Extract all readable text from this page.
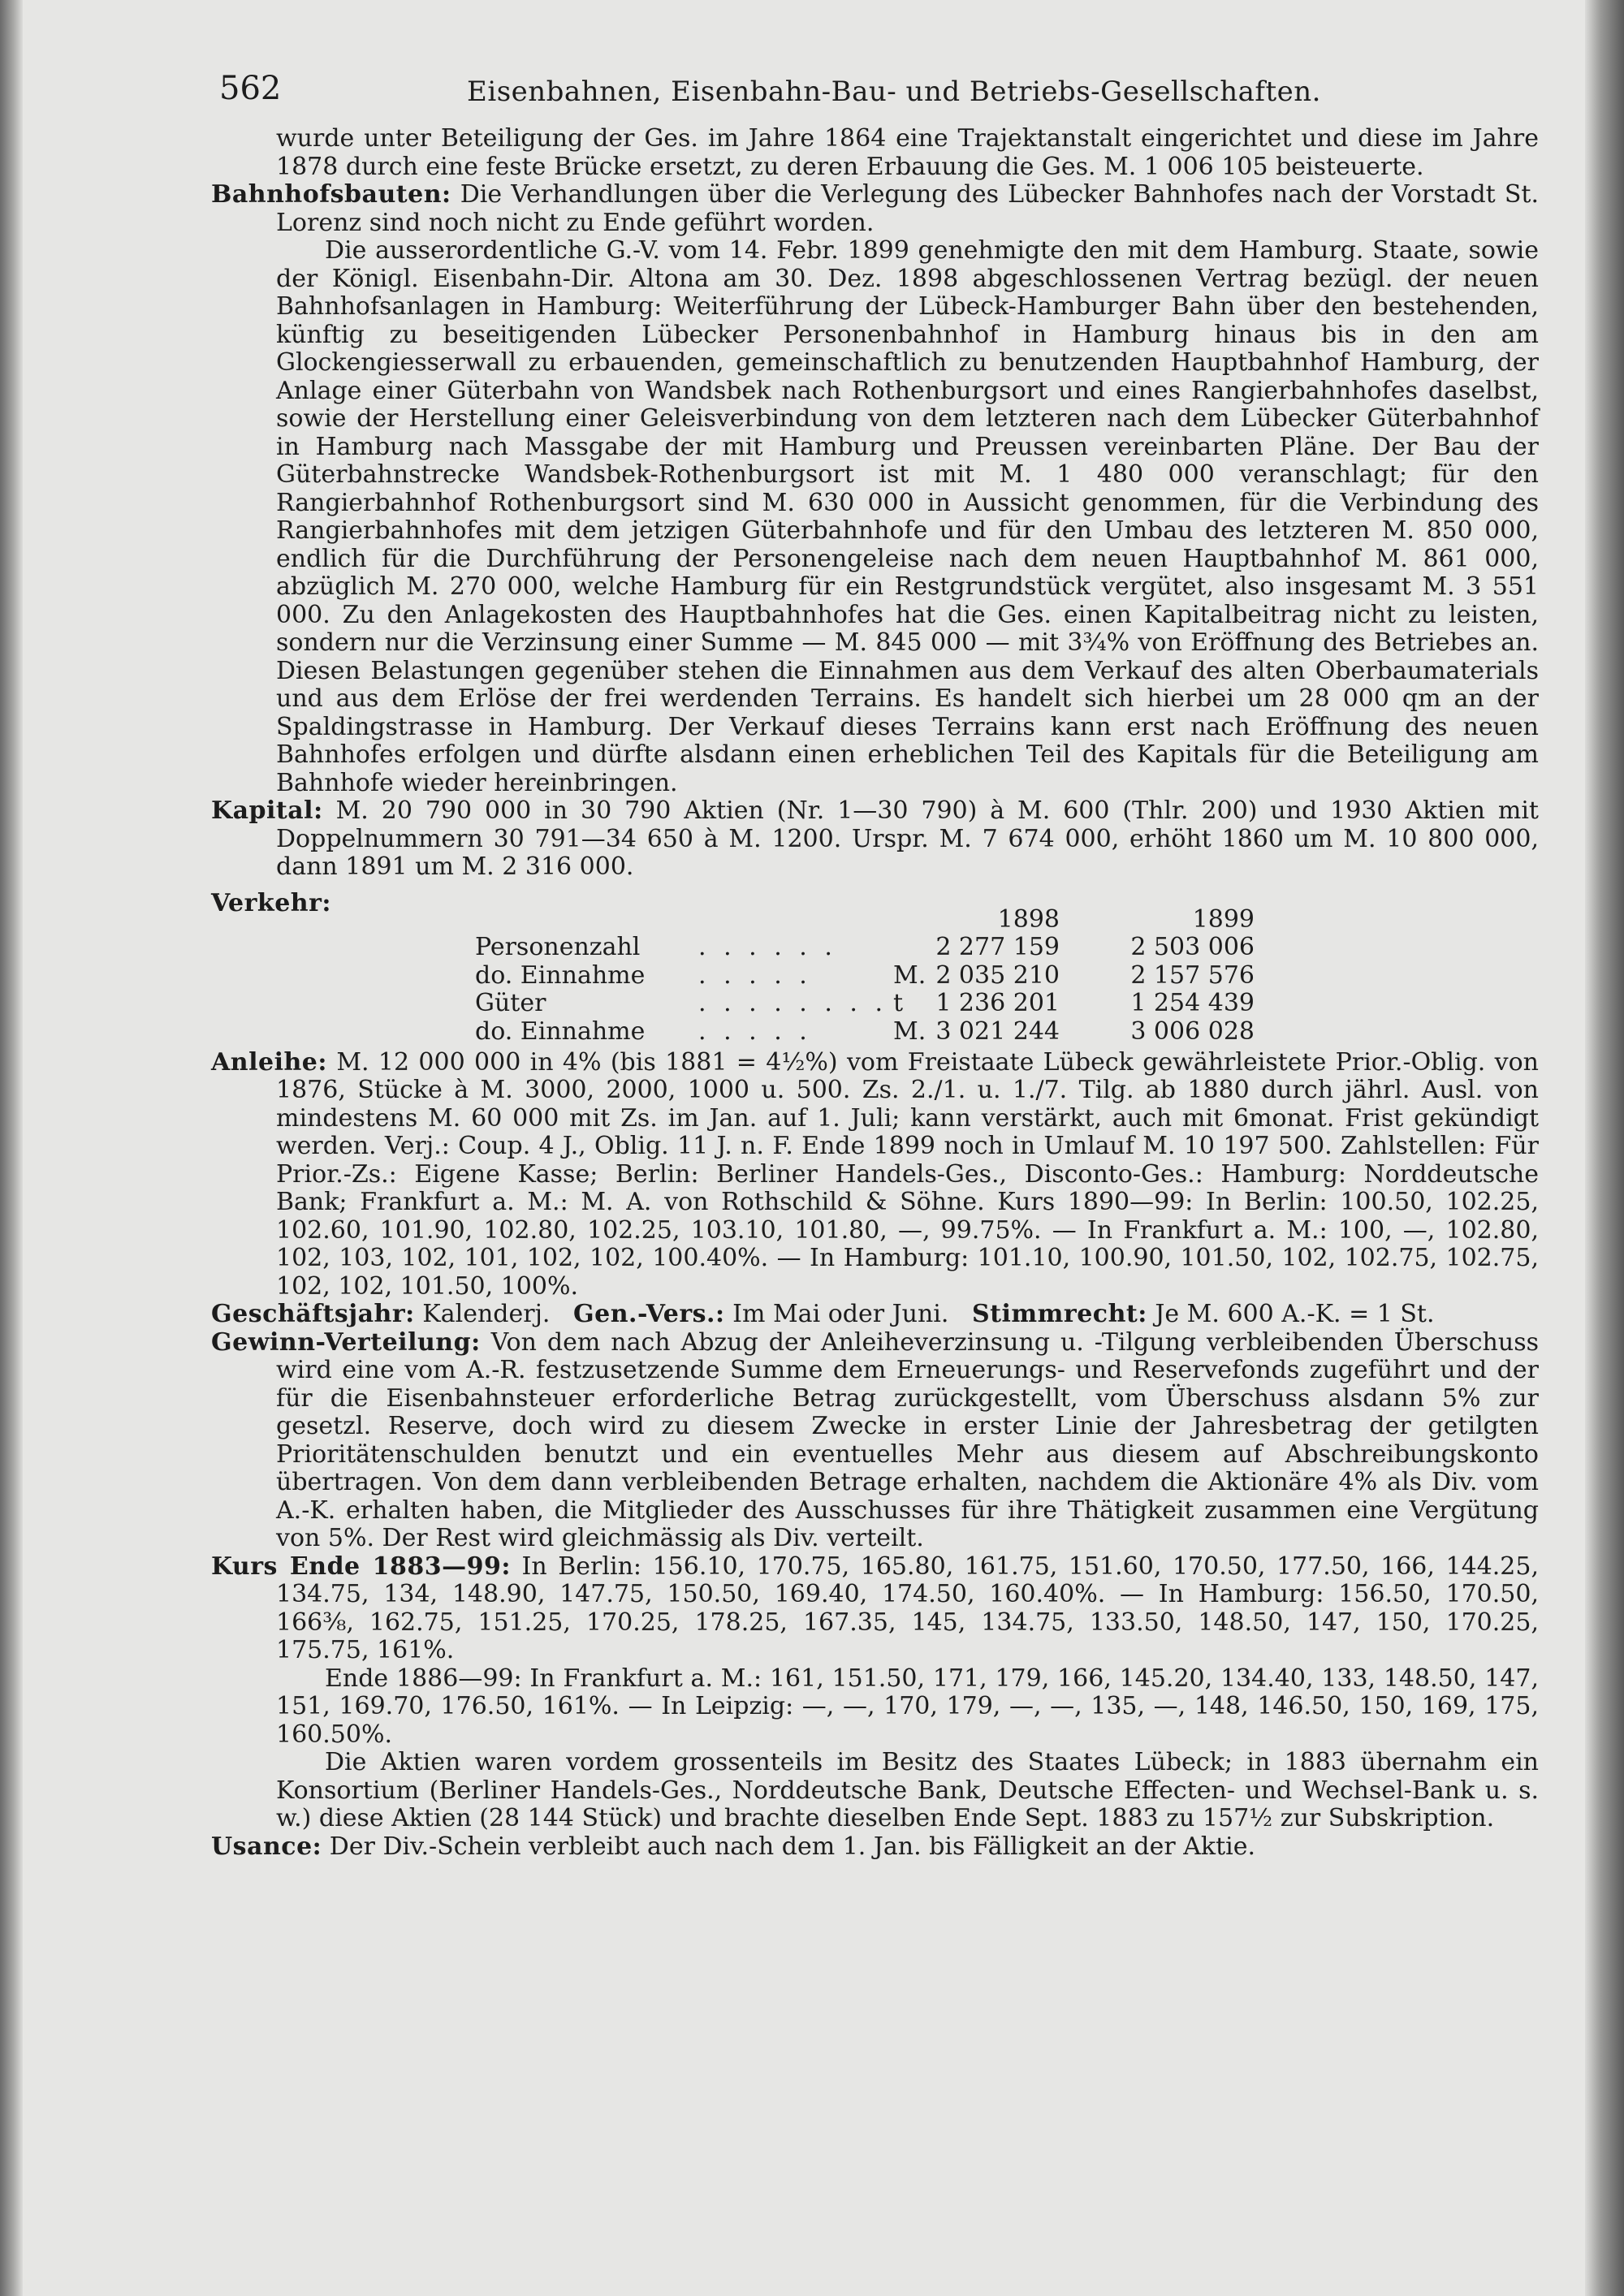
562	Eisenbahnen, Eisenbahn-Bau- und Betriebs-Gesellschaften.

wurde unter Beteiligung der Ges. im Jahre 1864 eine Trajektanstalt eingerichtet und diese im Jahre 1878 durch eine feste Brücke ersetzt, zu deren Erbauung die Ges. M. 1 006 105 beisteuerte.

Bahnhofsbauten: Die Verhandlungen über die Verlegung des Lübecker Bahnhofes nach der Vorstadt St. Lorenz sind noch nicht zu Ende geführt worden.

Die ausserordentliche G.-V. vom 14. Febr. 1899 genehmigte den mit dem Hamburg. Staate, sowie der Königl. Eisenbahn-Dir. Altona am 30. Dez. 1898 abgeschlossenen Vertrag bezügl. der neuen Bahnhofsanlagen in Hamburg: Weiterführung der Lübeck-Hamburger Bahn über den bestehenden, künftig zu beseitigenden Lübecker Personenbahnhof in Hamburg hinaus bis in den am Glockengiesserwall zu erbauenden, gemeinschaftlich zu benutzenden Hauptbahnhof Hamburg, der Anlage einer Güterbahn von Wandsbek nach Rothenburgsort und eines Rangierbahnhofes daselbst, sowie der Herstellung einer Geleisverbindung von dem letzteren nach dem Lübecker Güterbahnhof in Hamburg nach Massgabe der mit Hamburg und Preussen vereinbarten Pläne. Der Bau der Güterbahnstrecke Wandsbek-Rothenburgsort ist mit M. 1 480 000 veranschlagt; für den Rangierbahnhof Rothenburgsort sind M. 630 000 in Aussicht genommen, für die Verbindung des Rangierbahnhofes mit dem jetzigen Güterbahnhofe und für den Umbau des letzteren M. 850 000, endlich für die Durchführung der Personengeleise nach dem neuen Hauptbahnhof M. 861 000, abzüglich M. 270 000, welche Hamburg für ein Restgrundstück vergütet, also insgesamt M. 3 551 000. Zu den Anlagekosten des Hauptbahnhofes hat die Ges. einen Kapitalbeitrag nicht zu leisten, sondern nur die Verzinsung einer Summe — M. 845 000 — mit 3¾% von Eröffnung des Betriebes an. Diesen Belastungen gegenüber stehen die Einnahmen aus dem Verkauf des alten Oberbaumaterials und aus dem Erlöse der frei werdenden Terrains. Es handelt sich hierbei um 28 000 qm an der Spaldingstrasse in Hamburg. Der Verkauf dieses Terrains kann erst nach Eröffnung des neuen Bahnhofes erfolgen und dürfte alsdann einen erheblichen Teil des Kapitals für die Beteiligung am Bahnhofe wieder hereinbringen.

Kapital: M. 20 790 000 in 30 790 Aktien (Nr. 1—30 790) à M. 600 (Thlr. 200) und 1930 Aktien mit Doppelnummern 30 791—34 650 à M. 1200. Urspr. M. 7 674 000, erhöht 1860 um M. 10 800 000, dann 1891 um M. 2 316 000.

Verkehr:
			1898		1899
Personenzahl	. . . . . .		2 277 159		2 503 006
do. Einnahme	. . . . .	M.	2 035 210		2 157 576
Güter	. . . . . . . .	t	1 236 201		1 254 439
do. Einnahme	. . . . .	M.	3 021 244		3 006 028

Anleihe: M. 12 000 000 in 4% (bis 1881 = 4½%) vom Freistaate Lübeck gewährleistete Prior.-Oblig. von 1876, Stücke à M. 3000, 2000, 1000 u. 500. Zs. 2./1. u. 1./7. Tilg. ab 1880 durch jährl. Ausl. von mindestens M. 60 000 mit Zs. im Jan. auf 1. Juli; kann verstärkt, auch mit 6monat. Frist gekündigt werden. Verj.: Coup. 4 J., Oblig. 11 J. n. F. Ende 1899 noch in Umlauf M. 10 197 500. Zahlstellen: Für Prior.-Zs.: Eigene Kasse; Berlin: Berliner Handels-Ges., Disconto-Ges.: Hamburg: Norddeutsche Bank; Frankfurt a. M.: M. A. von Rothschild & Söhne. Kurs 1890—99: In Berlin: 100.50, 102.25, 102.60, 101.90, 102.80, 102.25, 103.10, 101.80, —, 99.75%. — In Frankfurt a. M.: 100, —, 102.80, 102, 103, 102, 101, 102, 102, 100.40%. — In Hamburg: 101.10, 100.90, 101.50, 102, 102.75, 102.75, 102, 102, 101.50, 100%.

Geschäftsjahr: Kalenderj. Gen.-Vers.: Im Mai oder Juni. Stimmrecht: Je M. 600 A.-K. = 1 St.

Gewinn-Verteilung: Von dem nach Abzug der Anleiheverzinsung u. -Tilgung verbleibenden Überschuss wird eine vom A.-R. festzusetzende Summe dem Erneuerungs- und Reservefonds zugeführt und der für die Eisenbahnsteuer erforderliche Betrag zurückgestellt, vom Überschuss alsdann 5% zur gesetzl. Reserve, doch wird zu diesem Zwecke in erster Linie der Jahresbetrag der getilgten Prioritätenschulden benutzt und ein eventuelles Mehr aus diesem auf Abschreibungskonto übertragen. Von dem dann verbleibenden Betrage erhalten, nachdem die Aktionäre 4% als Div. vom A.-K. erhalten haben, die Mitglieder des Ausschusses für ihre Thätigkeit zusammen eine Vergütung von 5%. Der Rest wird gleichmässig als Div. verteilt.

Kurs Ende 1883—99: In Berlin: 156.10, 170.75, 165.80, 161.75, 151.60, 170.50, 177.50, 166, 144.25, 134.75, 134, 148.90, 147.75, 150.50, 169.40, 174.50, 160.40%. — In Hamburg: 156.50, 170.50, 166⅜, 162.75, 151.25, 170.25, 178.25, 167.35, 145, 134.75, 133.50, 148.50, 147, 150, 170.25, 175.75, 161%.

Ende 1886—99: In Frankfurt a. M.: 161, 151.50, 171, 179, 166, 145.20, 134.40, 133, 148.50, 147, 151, 169.70, 176.50, 161%. — In Leipzig: —, —, 170, 179, —, —, 135, —, 148, 146.50, 150, 169, 175, 160.50%.

Die Aktien waren vordem grossenteils im Besitz des Staates Lübeck; in 1883 übernahm ein Konsortium (Berliner Handels-Ges., Norddeutsche Bank, Deutsche Effecten- und Wechsel-Bank u. s. w.) diese Aktien (28 144 Stück) und brachte dieselben Ende Sept. 1883 zu 157½ zur Subskription.

Usance: Der Div.-Schein verbleibt auch nach dem 1. Jan. bis Fälligkeit an der Aktie.
